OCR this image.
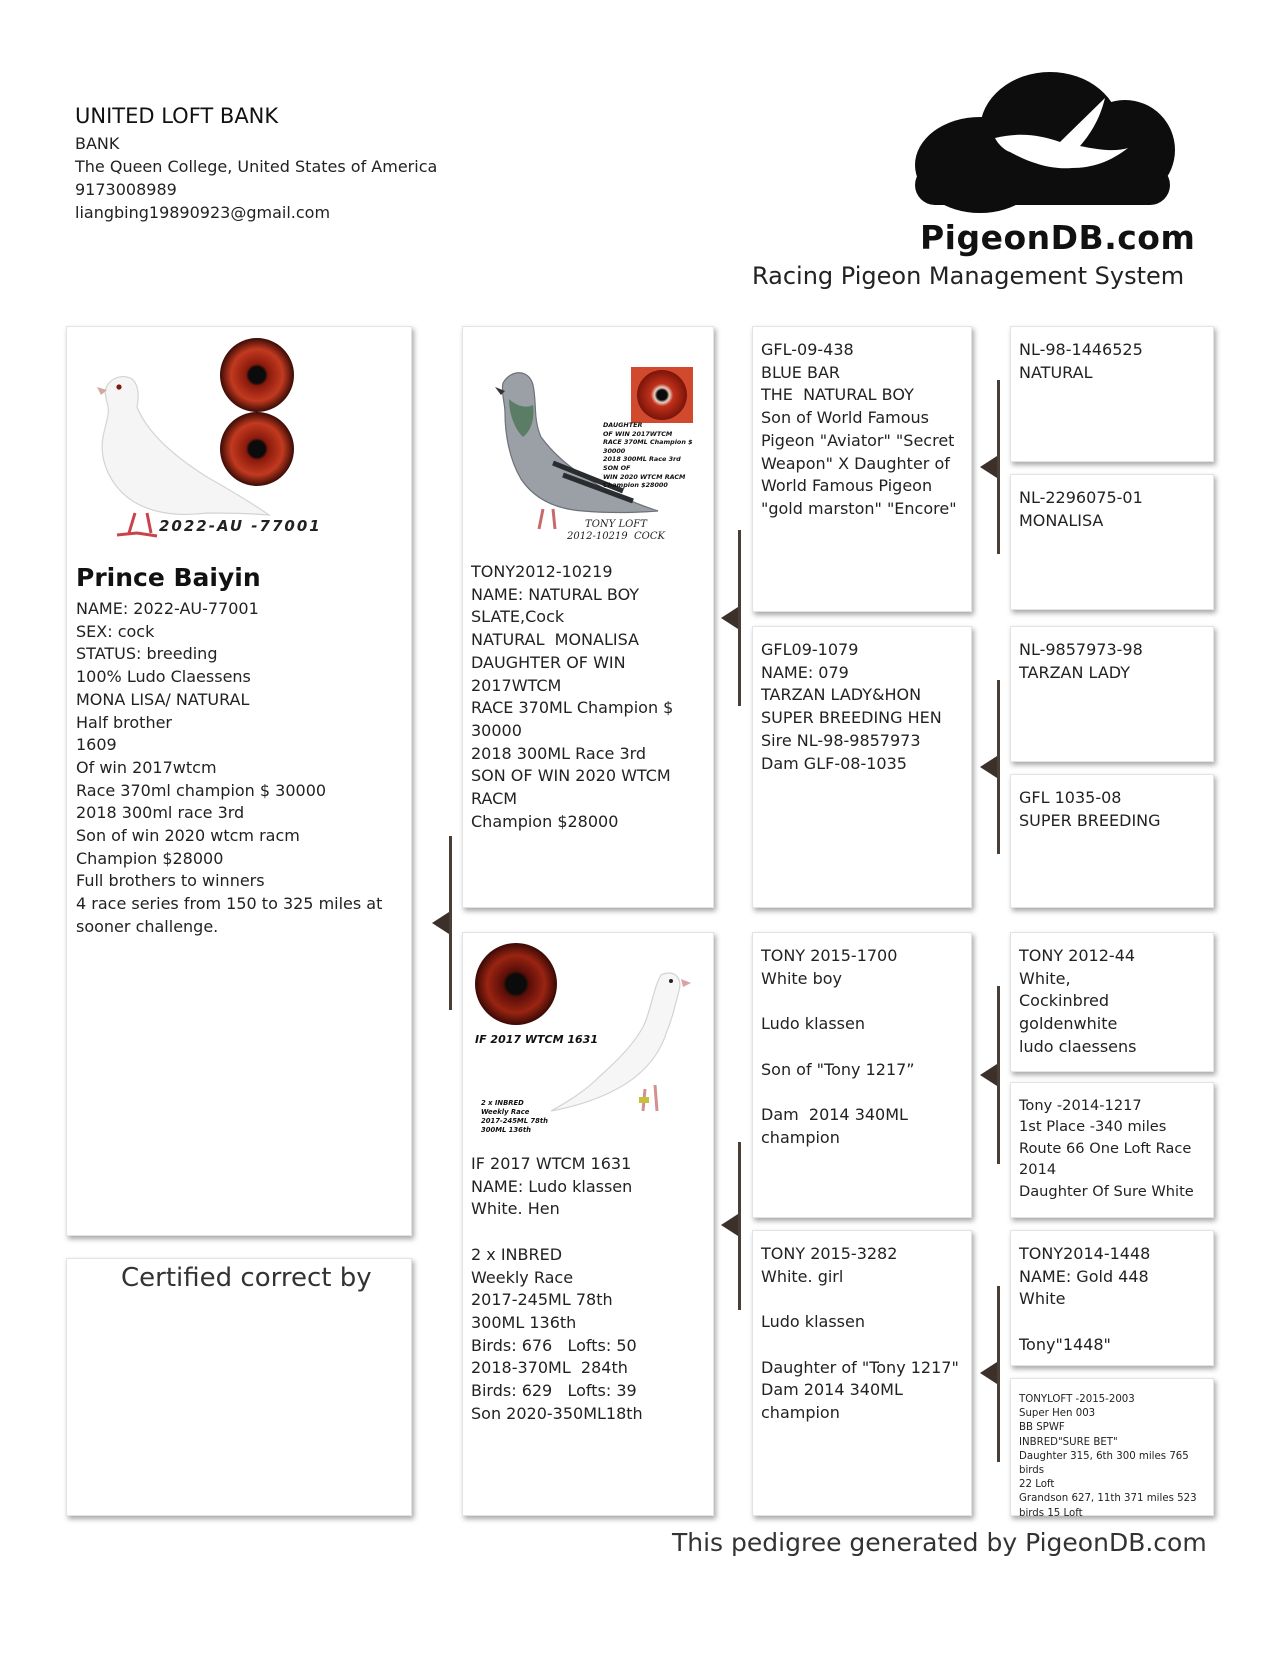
UNITED LOFT BANK
BANK
The Queen College, United States of America
9173008989
liangbing19890923@gmail.com
PigeonDB.com
Racing Pigeon Management System
2022-AU -77001
Prince Baiyin
NAME: 2022-AU-77001
SEX: cock
STATUS: breeding
100% Ludo Claessens
MONA LISA/ NATURAL
Half brother
1609
Of win 2017wtcm
Race 370ml champion $ 30000
2018 300ml race 3rd
Son of win 2020 wtcm racm
Champion $28000
Full brothers to winners
4 race series from 150 to 325 miles at
sooner challenge.
Certified correct by
DAUGHTER
OF WIN 2017WTCM
RACE 370ML Champion $ 30000
2018 300ML Race 3rd
SON OF
WIN 2020 WTCM RACM
Champion $28000
TONY LOFT
2012-10219  COCK
TONY2012-10219
NAME: NATURAL BOY
SLATE,Cock
NATURAL  MONALISA
DAUGHTER OF WIN
2017WTCM
RACE 370ML Champion $
30000
2018 300ML Race 3rd
SON OF WIN 2020 WTCM
RACM
Champion $28000
IF 2017 WTCM 1631
2 x INBRED
Weekly Race
2017-245ML 78th
300ML 136th
IF 2017 WTCM 1631
NAME: Ludo klassen
White. Hen

2 x INBRED
Weekly Race
2017-245ML 78th
300ML 136th
Birds: 676   Lofts: 50
2018-370ML  284th
Birds: 629   Lofts: 39
Son 2020-350ML18th
GFL-09-438
BLUE BAR
THE  NATURAL BOY
Son of World Famous
Pigeon "Aviator" "Secret
Weapon" X Daughter of
World Famous Pigeon
"gold marston" "Encore"
GFL09-1079
NAME: 079
TARZAN LADY&HON
SUPER BREEDING HEN
Sire NL-98-9857973
Dam GLF-08-1035
TONY 2015-1700
White boy

Ludo klassen

Son of "Tony 1217”

Dam  2014 340ML
champion
TONY 2015-3282
White. girl

Ludo klassen

Daughter of "Tony 1217"
Dam 2014 340ML
champion
NL-98-1446525
NATURAL
NL-2296075-01
MONALISA
NL-9857973-98
TARZAN LADY
GFL 1035-08
SUPER BREEDING
TONY 2012-44
White,
Cockinbred
goldenwhite
ludo claessens
Tony -2014-1217
1st Place -340 miles
Route 66 One Loft Race
2014
Daughter Of Sure White
TONY2014-1448
NAME: Gold 448
White

Tony"1448"
TONYLOFT -2015-2003
Super Hen 003
BB SPWF
INBRED"SURE BET"
Daughter 315, 6th 300 miles 765 birds
22 Loft
Grandson 627, 11th 371 miles 523
birds 15 Loft
This pedigree generated by PigeonDB.com
